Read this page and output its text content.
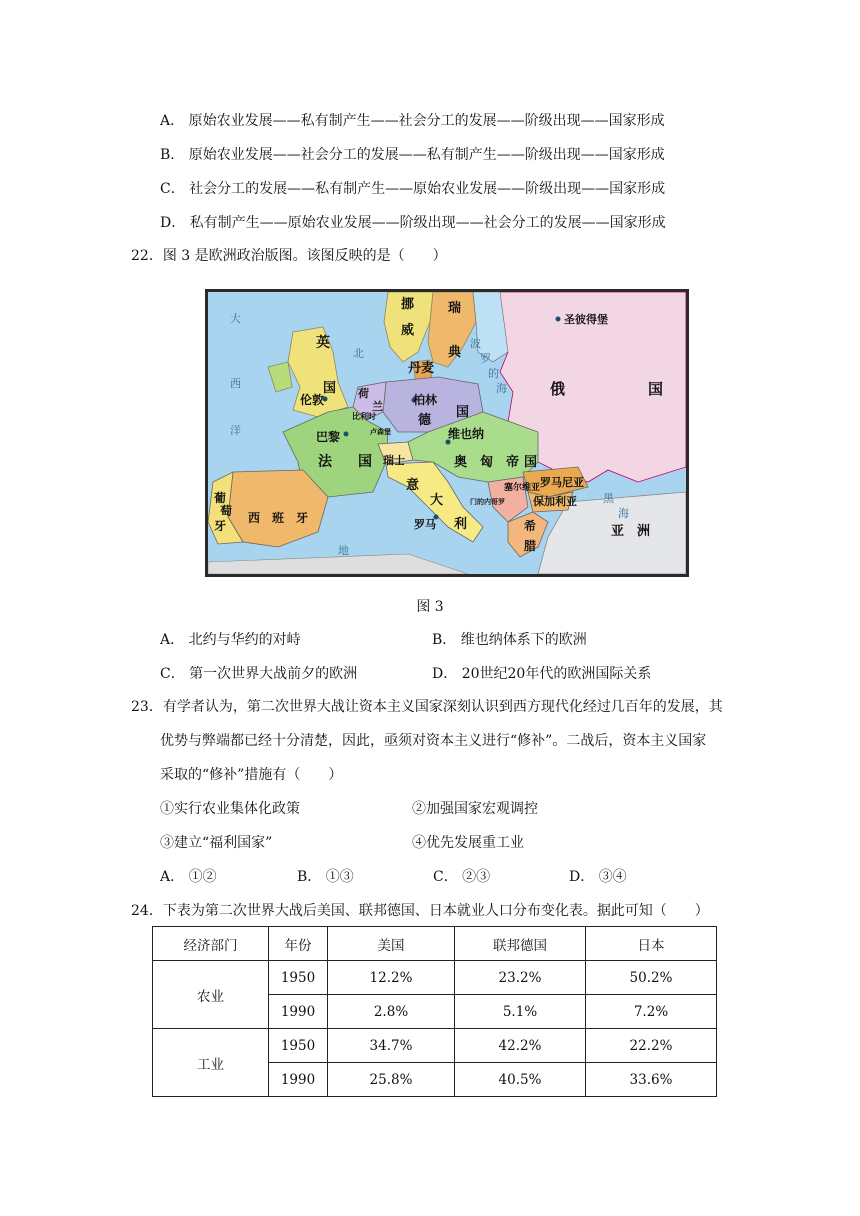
A． 原始农业发展——私有制产生——社会分工的发展——阶级出现——国家形成
B． 原始农业发展——社会分工的发展——私有制产生——阶级出现——国家形成
C． 社会分工的发展——私有制产生——原始农业发展——阶级出现——国家形成
D． 私有制产生——原始农业发展——阶级出现——社会分工的发展——国家形成
22．图 3 是欧洲政治版图。该图反映的是（　　）
大
西
洋
北
波
罗
的
海
地
黑
海
挪
威
瑞
典
圣彼得堡
英
国
伦敦
丹麦
荷
兰
比利时
卢森堡
柏林
德
国
俄	国
巴黎
法 国 瑞士
维也纳
奥 匈 帝 国
罗马尼亚
保加利亚
塞尔维亚
门的内哥罗
意
大
利
罗马
葡
萄
牙
西　班　牙
希
腊
亚　洲
图 3
A． 北约与华约的对峙	B． 维也纳体系下的欧洲
C． 第一次世界大战前夕的欧洲	D． 20世纪20年代的欧洲国际关系
23．有学者认为，第二次世界大战让资本主义国家深刻认识到西方现代化经过几百年的发展，其
优势与弊端都已经十分清楚，因此，亟须对资本主义进行“修补”。二战后，资本主义国家
采取的“修补”措施有（　　）
①实行农业集体化政策	②加强国家宏观调控
③建立“福利国家”	④优先发展重工业
A． ①②	B． ①③	C． ②③	D． ③④
24．下表为第二次世界大战后美国、联邦德国、日本就业人口分布变化表。据此可知（　　）
经济部门	年份	美国	联邦德国	日本
农业	1950	12.2%	23.2%	50.2%
	1990	2.8%	5.1%	7.2%
工业	1950	34.7%	42.2%	22.2%
	1990	25.8%	40.5%	33.6%
